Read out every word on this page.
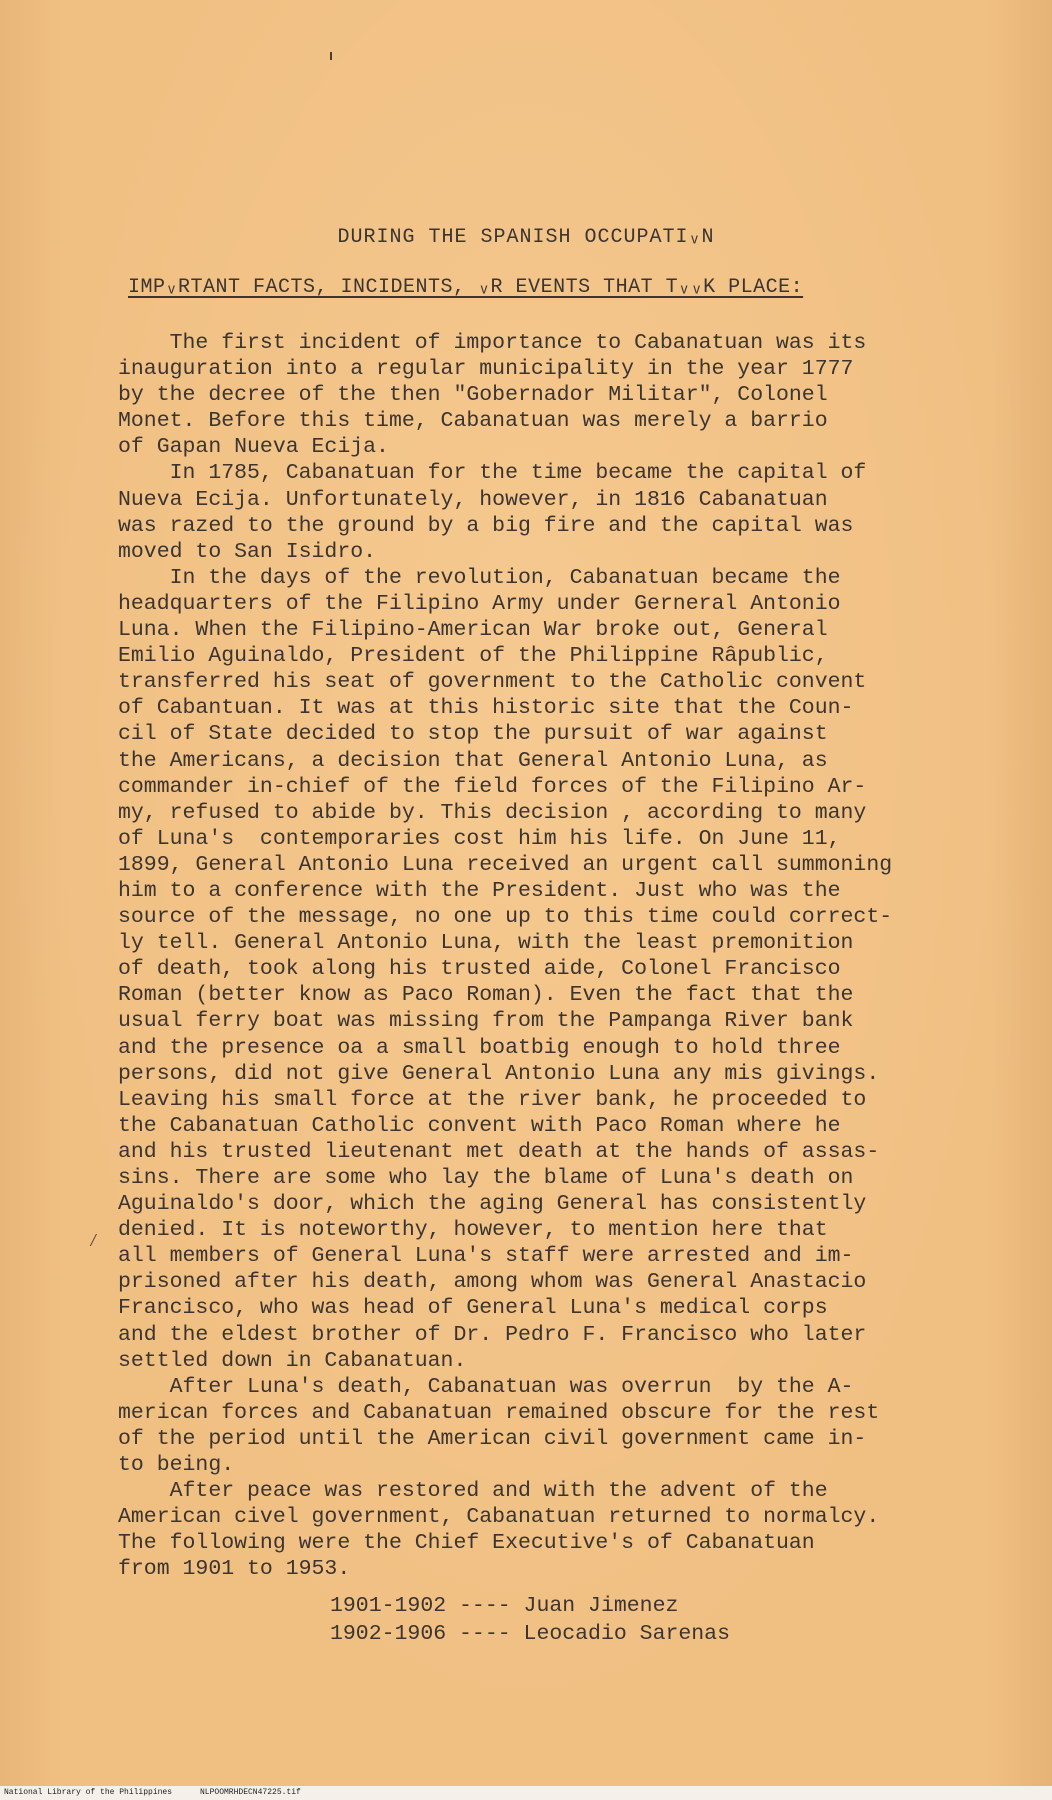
DURING THE SPANISH OCCUPATIᵥN
IMPᵥRTANT FACTS, INCIDENTS, ᵥR EVENTS THAT TᵥᵥK PLACE:

The first incident of importance to Cabanatuan was its

inauguration into a regular municipality in the year 1777

by the decree of the then "Gobernador Militar", Colonel

Monet. Before this time, Cabanatuan was merely a barrio

of Gapan Nueva Ecija.

In 1785, Cabanatuan for the time became the capital of

Nueva Ecija. Unfortunately, however, in 1816 Cabanatuan

was razed to the ground by a big fire and the capital was

moved to San Isidro.

In the days of the revolution, Cabanatuan became the

headquarters of the Filipino Army under Gerneral Antonio

Luna. When the Filipino-American War broke out, General

Emilio Aguinaldo, President of the Philippine Râpublic,

transferred his seat of government to the Catholic convent

of Cabantuan. It was at this historic site that the Coun-

cil of State decided to stop the pursuit of war against

the Americans, a decision that General Antonio Luna, as

commander in-chief of the field forces of the Filipino Ar-

my, refused to abide by. This decision , according to many

of Luna's  contemporaries cost him his life. On June 11,

1899, General Antonio Luna received an urgent call summoning

him to a conference with the President. Just who was the

source of the message, no one up to this time could correct-

ly tell. General Antonio Luna, with the least premonition

of death, took along his trusted aide, Colonel Francisco

Roman (better know as Paco Roman). Even the fact that the

usual ferry boat was missing from the Pampanga River bank

and the presence oa a small boatbig enough to hold three

persons, did not give General Antonio Luna any mis givings.

Leaving his small force at the river bank, he proceeded to

the Cabanatuan Catholic convent with Paco Roman where he

and his trusted lieutenant met death at the hands of assas-

sins. There are some who lay the blame of Luna's death on

Aguinaldo's door, which the aging General has consistently

denied. It is noteworthy, however, to mention here that

all members of General Luna's staff were arrested and im-

prisoned after his death, among whom was General Anastacio

Francisco, who was head of General Luna's medical corps

and the eldest brother of Dr. Pedro F. Francisco who later

settled down in Cabanatuan.

After Luna's death, Cabanatuan was overrun  by the A-

merican forces and Cabanatuan remained obscure for the rest

of the period until the American civil government came in-

to being.

After peace was restored and with the advent of the

American civel government, Cabanatuan returned to normalcy.

The following were the Chief Executive's of Cabanatuan

from 1901 to 1953.

⁄
1901-1902 ---- Juan Jimenez
1902-1906 ---- Leocadio Sarenas
National Library of the Philippines	NLPOOMRHDECN47225.tif
